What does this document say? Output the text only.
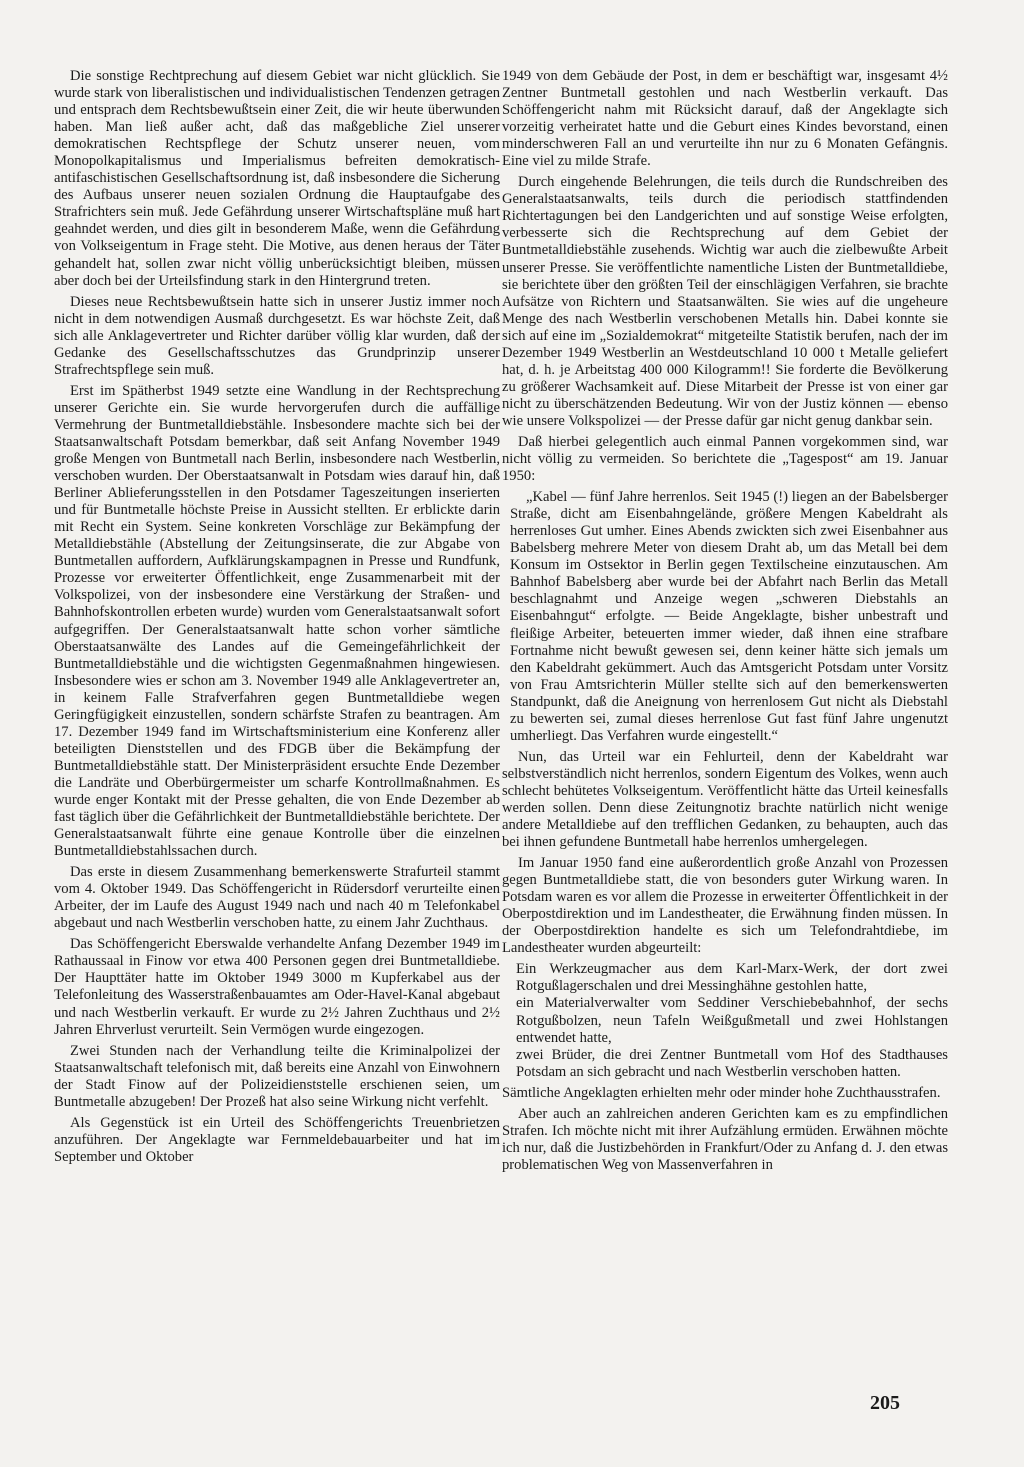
Die sonstige Rechtprechung auf diesem Gebiet war nicht glücklich. Sie wurde stark von liberalistischen und individualistischen Tendenzen getragen und entsprach dem Rechtsbewußtsein einer Zeit, die wir heute überwunden haben. Man ließ außer acht, daß das maßgebliche Ziel unserer demokratischen Rechtspflege der Schutz unserer neuen, vom Monopolkapitalismus und Imperialismus befreiten demokratisch-antifaschistischen Gesellschaftsordnung ist, daß insbesondere die Sicherung des Aufbaus unserer neuen sozialen Ordnung die Hauptaufgabe des Strafrichters sein muß. Jede Gefährdung unserer Wirtschaftspläne muß hart geahndet werden, und dies gilt in besonderem Maße, wenn die Gefährdung von Volkseigentum in Frage steht. Die Motive, aus denen heraus der Täter gehandelt hat, sollen zwar nicht völlig unberücksichtigt bleiben, müssen aber doch bei der Urteilsfindung stark in den Hintergrund treten.

Dieses neue Rechtsbewußtsein hatte sich in unserer Justiz immer noch nicht in dem notwendigen Ausmaß durchgesetzt. Es war höchste Zeit, daß sich alle Anklagevertreter und Richter darüber völlig klar wurden, daß der Gedanke des Gesellschaftsschutzes das Grundprinzip unserer Strafrechtspflege sein muß.

Erst im Spätherbst 1949 setzte eine Wandlung in der Rechtsprechung unserer Gerichte ein. Sie wurde hervorgerufen durch die auffällige Vermehrung der Buntmetalldiebstähle. Insbesondere machte sich bei der Staatsanwaltschaft Potsdam bemerkbar, daß seit Anfang November 1949 große Mengen von Buntmetall nach Berlin, insbesondere nach Westberlin, verschoben wurden. Der Oberstaatsanwalt in Potsdam wies darauf hin, daß Berliner Ablieferungsstellen in den Potsdamer Tageszeitungen inserierten und für Buntmetalle höchste Preise in Aussicht stellten. Er erblickte darin mit Recht ein System. Seine konkreten Vorschläge zur Bekämpfung der Metalldiebstähle (Abstellung der Zeitungsinserate, die zur Abgabe von Buntmetallen auffordern, Aufklärungskampagnen in Presse und Rundfunk, Prozesse vor erweiterter Öffentlichkeit, enge Zusammenarbeit mit der Volkspolizei, von der insbesondere eine Verstärkung der Straßen- und Bahnhofskontrollen erbeten wurde) wurden vom Generalstaatsanwalt sofort aufgegriffen. Der Generalstaatsanwalt hatte schon vorher sämtliche Oberstaatsanwälte des Landes auf die Gemeingefährlichkeit der Buntmetalldiebstähle und die wichtigsten Gegenmaßnahmen hingewiesen. Insbesondere wies er schon am 3. November 1949 alle Anklagevertreter an, in keinem Falle Strafverfahren gegen Buntmetalldiebe wegen Geringfügigkeit einzustellen, sondern schärfste Strafen zu beantragen. Am 17. Dezember 1949 fand im Wirtschaftsministerium eine Konferenz aller beteiligten Dienststellen und des FDGB über die Bekämpfung der Buntmetalldiebstähle statt. Der Ministerpräsident ersuchte Ende Dezember die Landräte und Oberbürgermeister um scharfe Kontrollmaßnahmen. Es wurde enger Kontakt mit der Presse gehalten, die von Ende Dezember ab fast täglich über die Gefährlichkeit der Buntmetalldiebstähle berichtete. Der Generalstaatsanwalt führte eine genaue Kontrolle über die einzelnen Buntmetalldiebstahlssachen durch.

Das erste in diesem Zusammenhang bemerkenswerte Strafurteil stammt vom 4. Oktober 1949. Das Schöffengericht in Rüdersdorf verurteilte einen Arbeiter, der im Laufe des August 1949 nach und nach 40 m Telefonkabel abgebaut und nach Westberlin verschoben hatte, zu einem Jahr Zuchthaus.

Das Schöffengericht Eberswalde verhandelte Anfang Dezember 1949 im Rathaussaal in Finow vor etwa 400 Personen gegen drei Buntmetalldiebe. Der Haupttäter hatte im Oktober 1949 3000 m Kupferkabel aus der Telefonleitung des Wasserstraßenbauamtes am Oder-Havel-Kanal abgebaut und nach Westberlin verkauft. Er wurde zu 2½ Jahren Zuchthaus und 2½ Jahren Ehrverlust verurteilt. Sein Vermögen wurde eingezogen.

Zwei Stunden nach der Verhandlung teilte die Kriminalpolizei der Staatsanwaltschaft telefonisch mit, daß bereits eine Anzahl von Einwohnern der Stadt Finow auf der Polizeidienststelle erschienen seien, um Buntmetalle abzugeben! Der Prozeß hat also seine Wirkung nicht verfehlt.

Als Gegenstück ist ein Urteil des Schöffengerichts Treuenbrietzen anzuführen. Der Angeklagte war Fernmeldebauarbeiter und hat im September und Oktober

1949 von dem Gebäude der Post, in dem er beschäftigt war, insgesamt 4½ Zentner Buntmetall gestohlen und nach Westberlin verkauft. Das Schöffengericht nahm mit Rücksicht darauf, daß der Angeklagte sich vorzeitig verheiratet hatte und die Geburt eines Kindes bevorstand, einen minderschweren Fall an und verurteilte ihn nur zu 6 Monaten Gefängnis. Eine viel zu milde Strafe.

Durch eingehende Belehrungen, die teils durch die Rundschreiben des Generalstaatsanwalts, teils durch die periodisch stattfindenden Richtertagungen bei den Landgerichten und auf sonstige Weise erfolgten, verbesserte sich die Rechtsprechung auf dem Gebiet der Buntmetalldiebstähle zusehends. Wichtig war auch die zielbewußte Arbeit unserer Presse. Sie veröffentlichte namentliche Listen der Buntmetalldiebe, sie berichtete über den größten Teil der einschlägigen Verfahren, sie brachte Aufsätze von Richtern und Staatsanwälten. Sie wies auf die ungeheure Menge des nach Westberlin verschobenen Metalls hin. Dabei konnte sie sich auf eine im „Sozialdemokrat“ mitgeteilte Statistik berufen, nach der im Dezember 1949 Westberlin an Westdeutschland 10 000 t Metalle geliefert hat, d. h. je Arbeitstag 400 000 Kilogramm!! Sie forderte die Bevölkerung zu größerer Wachsamkeit auf. Diese Mitarbeit der Presse ist von einer gar nicht zu überschätzenden Bedeutung. Wir von der Justiz können — ebenso wie unsere Volkspolizei — der Presse dafür gar nicht genug dankbar sein.

Daß hierbei gelegentlich auch einmal Pannen vorgekommen sind, war nicht völlig zu vermeiden. So berichtete die „Tagespost“ am 19. Januar 1950:

„Kabel — fünf Jahre herrenlos. Seit 1945 (!) liegen an der Babelsberger Straße, dicht am Eisenbahngelände, größere Mengen Kabeldraht als herrenloses Gut umher. Eines Abends zwickten sich zwei Eisenbahner aus Babelsberg mehrere Meter von diesem Draht ab, um das Metall bei dem Konsum im Ostsektor in Berlin gegen Textilscheine einzutauschen. Am Bahnhof Babelsberg aber wurde bei der Abfahrt nach Berlin das Metall beschlagnahmt und Anzeige wegen „schweren Diebstahls an Eisenbahngut“ erfolgte. — Beide Angeklagte, bisher unbestraft und fleißige Arbeiter, beteuerten immer wieder, daß ihnen eine strafbare Fortnahme nicht bewußt gewesen sei, denn keiner hätte sich jemals um den Kabeldraht gekümmert. Auch das Amtsgericht Potsdam unter Vorsitz von Frau Amtsrichterin Müller stellte sich auf den bemerkenswerten Standpunkt, daß die Aneignung von herrenlosem Gut nicht als Diebstahl zu bewerten sei, zumal dieses herrenlose Gut fast fünf Jahre ungenutzt umherliegt. Das Verfahren wurde eingestellt.“

Nun, das Urteil war ein Fehlurteil, denn der Kabeldraht war selbstverständlich nicht herrenlos, sondern Eigentum des Volkes, wenn auch schlecht behütetes Volkseigentum. Veröffentlicht hätte das Urteil keinesfalls werden sollen. Denn diese Zeitungnotiz brachte natürlich nicht wenige andere Metalldiebe auf den trefflichen Gedanken, zu behaupten, auch das bei ihnen gefundene Buntmetall habe herrenlos umhergelegen.

Im Januar 1950 fand eine außerordentlich große Anzahl von Prozessen gegen Buntmetalldiebe statt, die von besonders guter Wirkung waren. In Potsdam waren es vor allem die Prozesse in erweiterter Öffentlichkeit in der Oberpostdirektion und im Landestheater, die Erwähnung finden müssen. In der Oberpostdirektion handelte es sich um Telefondrahtdiebe, im Landestheater wurden abgeurteilt:

Ein Werkzeugmacher aus dem Karl-Marx-Werk, der dort zwei Rotgußlagerschalen und drei Messinghähne gestohlen hatte,

ein Materialverwalter vom Seddiner Verschiebebahnhof, der sechs Rotgußbolzen, neun Tafeln Weißgußmetall und zwei Hohlstangen entwendet hatte,

zwei Brüder, die drei Zentner Buntmetall vom Hof des Stadthauses Potsdam an sich gebracht und nach Westberlin verschoben hatten.

Sämtliche Angeklagten erhielten mehr oder minder hohe Zuchthausstrafen.

Aber auch an zahlreichen anderen Gerichten kam es zu empfindlichen Strafen. Ich möchte nicht mit ihrer Aufzählung ermüden. Erwähnen möchte ich nur, daß die Justizbehörden in Frankfurt/Oder zu Anfang d. J. den etwas problematischen Weg von Massenverfahren in

205
